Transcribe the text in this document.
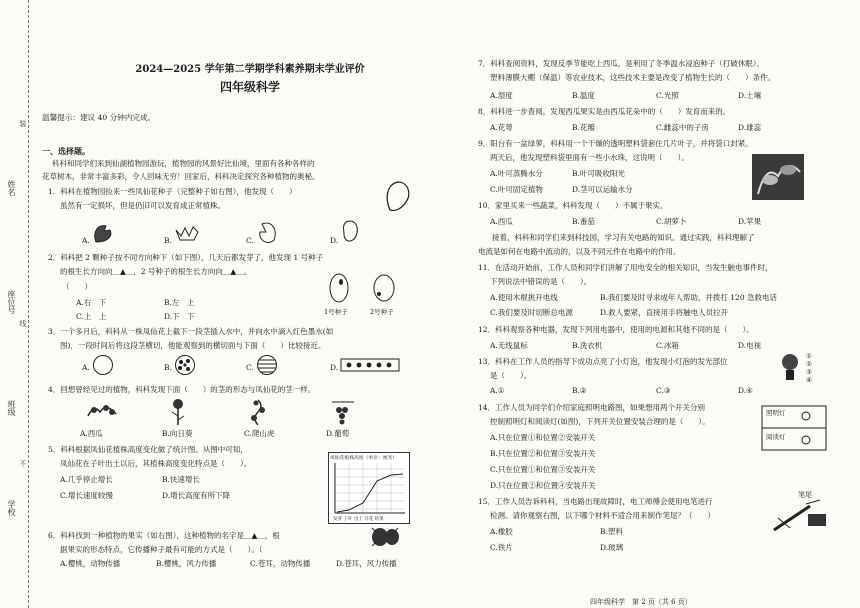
姓名
座位号
班级
学校
装
线
不
2024—2025 学年第二学期学科素养期末学业评价
四年级科学
温馨提示：建议 40 分钟内完成。
一、选择题。
科科和同学们来到仙湖植物园游玩，植物园的风景好比仙境，里面有各种各样的
花草树木，非常丰富多彩，令人回味无穷！回家后，科科决定探究各种植物的奥秘。
1．科科在植物园捡来一些凤仙花种子（完整种子如右图），他发现（　　）
虽然有一定损坏，但是仍旧可以发育成正常植株。
A.	B.	C.	D.
2．科科把 2 颗种子按不同方向种下（如下图），几天后都发芽了，他发现 1 号种子
的根生长方向向＿▲＿，2 号种子的根生长方向向＿▲＿。
（　　）
A.右　下	B.左　上
C.上　上	D.下　下	1号种子	2号种子
3．一个多月后，科科从一株凤仙花上截下一段茎插入水中，并向水中滴入红色墨水(如
图)．一段时间后将这段茎横切，他能观察到的横切面与下面（　　）比较接近。
A.	B.	C.	D.
4．回想曾经见过的植物，科科发现下面（　　）的茎的形态与凤仙花的茎一样。
A.西瓜	B.向日葵	C.爬山虎	D.葡萄
5．科科根据凤仙花植株高度变化做了统计图。从图中可知，
凤仙花在子叶出土以后，其植株高度变化特点是（　　）。
A.几乎停止增长	B.快速增长
C.增长速度较慢	D.增长高度有所下降
凤仙花植株高度（单位：厘米）
发芽 子叶 出土 开花 结果
6．科科找到一种植物的果实（如右图），这种植物的名字是＿▲＿，根
据果实的形态特点，它传播种子最有可能的方式是（　　）。（
A.樱桃，动物传播	B.樱桃，风力传播	C.苍耳，动物传播	D.苍耳，风力传播
7．科科查阅资料，发现反季节能吃上西瓜，是利用了冬季温水浸泡种子（打破休眠）、
塑料薄膜大棚（保温）等农业技术，这些技术主要是改变了植物生长的（　　）条件。
A.湿度	B.温度	C.光照	D.土壤
8．科科进一步查阅，发现西瓜果实是由西瓜花朵中的（　　）发育而来的。
A.花萼	B.花瓣	C.雌蕊中的子房	D.雄蕊
9．阳台有一盆绿萝，科科用一个干燥的透明塑料袋套住几片叶子，并将袋口封紧。
两天后，他发现塑料袋里面有一些小水珠，这说明（　　）。
A.叶可蒸腾水分	B.叶可吸收阳光
C.叶可固定植物	D.茎可以运输水分
10．家里买来一些蔬菜，科科发现（　　）不属于果实。
A.西瓜	B.番茄	C.胡萝卜	D.苹果
接着，科科和同学们来到科技园，学习有关电路的知识。通过实践，科科理解了
电流是如何在电路中流动的，以及不同元件在电路中的作用。
11．在活动开始前，工作人员和同学们讲解了用电安全的相关知识，当发生触电事件时，
下列说法中错误的是（　　）。
A.使用木棍挑开电线	B.我们要及时寻求成年人帮助，并拨打 120 急救电话
C.我们要及时切断总电源	D.救人要紧，直接用手将触电人员拉开
12．科科观察各种电器，发现下列用电器中，使用的电源和其他不同的是（　　）。
A.无线鼠标	B.洗衣机	C.冰箱	D.电视
13．科科在工作人员的指导下成功点亮了小灯泡，他发现小灯泡的发光部位
是（　　）。
A.①	B.②	C.③	D.④
①
②
③
④
14．工作人员为同学们介绍家庭照明电路图，如果想用两个开关分别
控制照明灯和阅读灯(如图)，下列开关位置安装合理的是（　　）。
A.只在位置①和位置②安装开关
B.只在位置②和位置③安装开关
C.只在位置①和位置③安装开关
D.只在位置②和位置④安装开关
照明灯
阅读灯
15．工作人员告诉科科，当电路出现故障时，电工师傅会使用电笔进行
检测。请你观察右图，以下哪个材料不适合用来制作笔尾？（　　）
A.橡胶	B.塑料
C.铁片	D.玻璃
笔尾
四年级科学　第 2 页（共 6 页）
